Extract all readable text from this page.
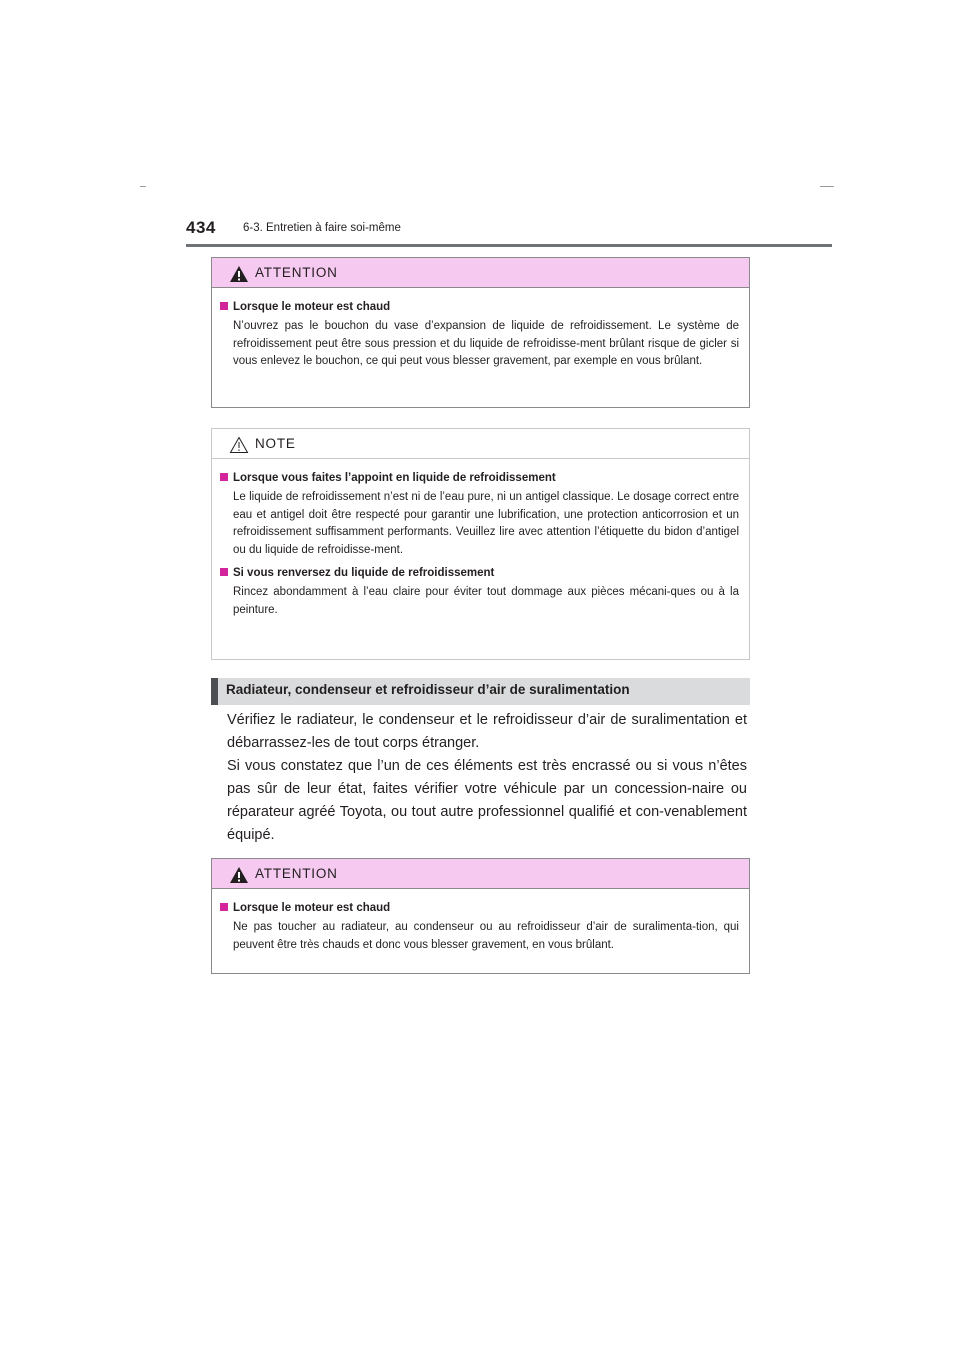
434 6-3. Entretien à faire soi-même
ATTENTION
Lorsque le moteur est chaud
N’ouvrez pas le bouchon du vase d’expansion de liquide de refroidissement. Le système de refroidissement peut être sous pression et du liquide de refroidisse-ment brûlant risque de gicler si vous enlevez le bouchon, ce qui peut vous blesser gravement, par exemple en vous brûlant.
NOTE
Lorsque vous faites l’appoint en liquide de refroidissement
Le liquide de refroidissement n’est ni de l’eau pure, ni un antigel classique. Le dosage correct entre eau et antigel doit être respecté pour garantir une lubrification, une protection anticorrosion et un refroidissement suffisamment performants. Veuillez lire avec attention l’étiquette du bidon d’antigel ou du liquide de refroidisse-ment.
Si vous renversez du liquide de refroidissement
Rincez abondamment à l’eau claire pour éviter tout dommage aux pièces mécani-ques ou à la peinture.
Radiateur, condenseur et refroidisseur d’air de suralimentation

Vérifiez le radiateur, le condenseur et le refroidisseur d’air de suralimentation et débarrassez-les de tout corps étranger.

Si vous constatez que l’un de ces éléments est très encrassé ou si vous n’êtes pas sûr de leur état, faites vérifier votre véhicule par un concession-naire ou réparateur agréé Toyota, ou tout autre professionnel qualifié et con-venablement équipé.

ATTENTION
Lorsque le moteur est chaud
Ne pas toucher au radiateur, au condenseur ou au refroidisseur d’air de suralimenta-tion, qui peuvent être très chauds et donc vous blesser gravement, en vous brûlant.
